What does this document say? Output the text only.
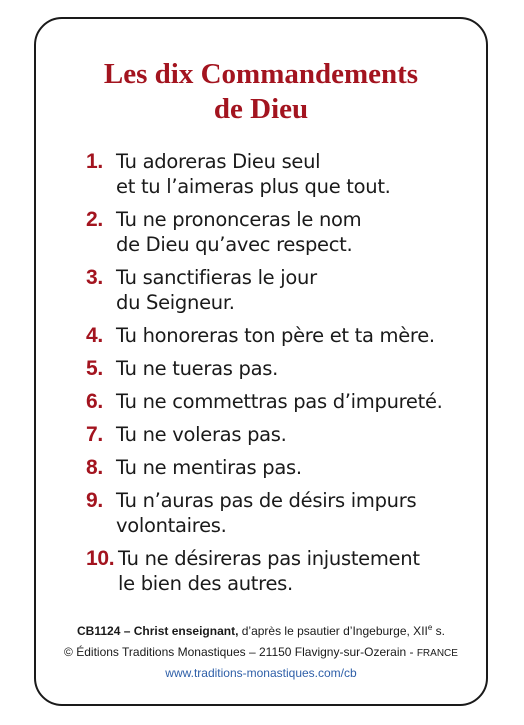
Les dix Commandements
de Dieu
1. Tu adoreras Dieu seul
et tu l’aimeras plus que tout.
2. Tu ne prononceras le nom
de Dieu qu’avec respect.
3. Tu sanctifieras le jour
du Seigneur.
4. Tu honoreras ton père et ta mère.
5. Tu ne tueras pas.
6. Tu ne commettras pas d’impureté.
7. Tu ne voleras pas.
8. Tu ne mentiras pas.
9. Tu n’auras pas de désirs impurs
volontaires.
10. Tu ne désireras pas injustement
le bien des autres.
CB1124 – Christ enseignant, d’après le psautier d’Ingeburge, XIIe s.
© Éditions Traditions Monastiques – 21150 Flavigny-sur-Ozerain - FRANCE
www.traditions-monastiques.com/cb
